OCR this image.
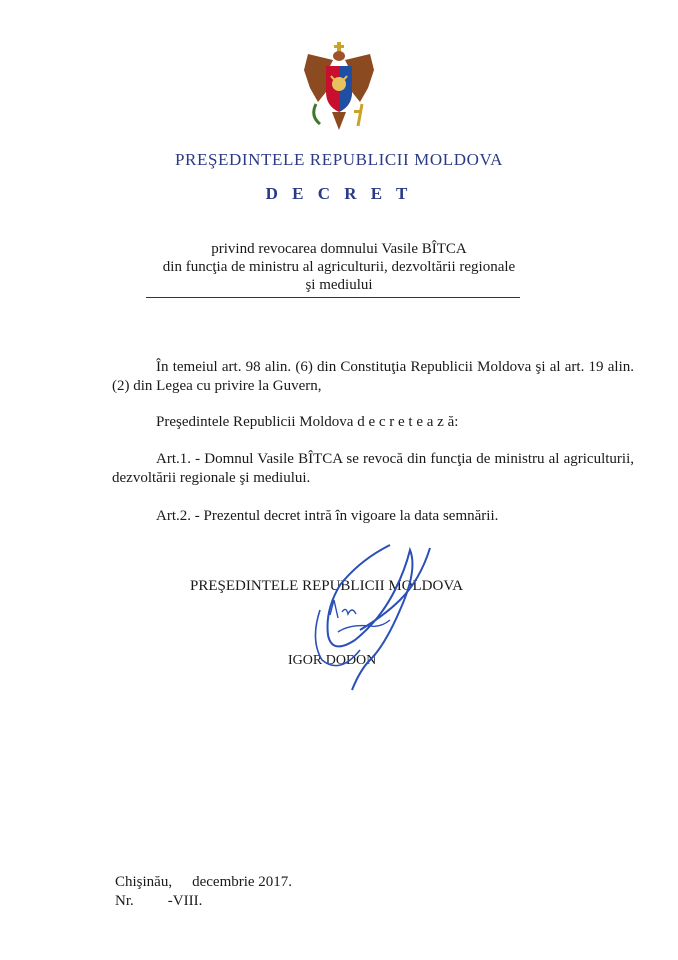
PREŞEDINTELE REPUBLICII MOLDOVA
D E C R E T
privind revocarea domnului Vasile BÎTCA
din funcţia de ministru al agriculturii, dezvoltării regionale
şi mediului
În temeiul art. 98 alin. (6) din Constituţia Republicii Moldova şi al art. 19 alin. (2) din Legea cu privire la Guvern,
Preşedintele Republicii Moldova d e c r e t e a z ă:
Art.1. - Domnul Vasile BÎTCA se revocă din funcţia de ministru al agriculturii, dezvoltării regionale şi mediului.
Art.2. - Prezentul decret intră în vigoare la data semnării.
PREŞEDINTELE REPUBLICII MOLDOVA
IGOR DODON
Chişinău, decembrie 2017.
Nr. -VIII.
